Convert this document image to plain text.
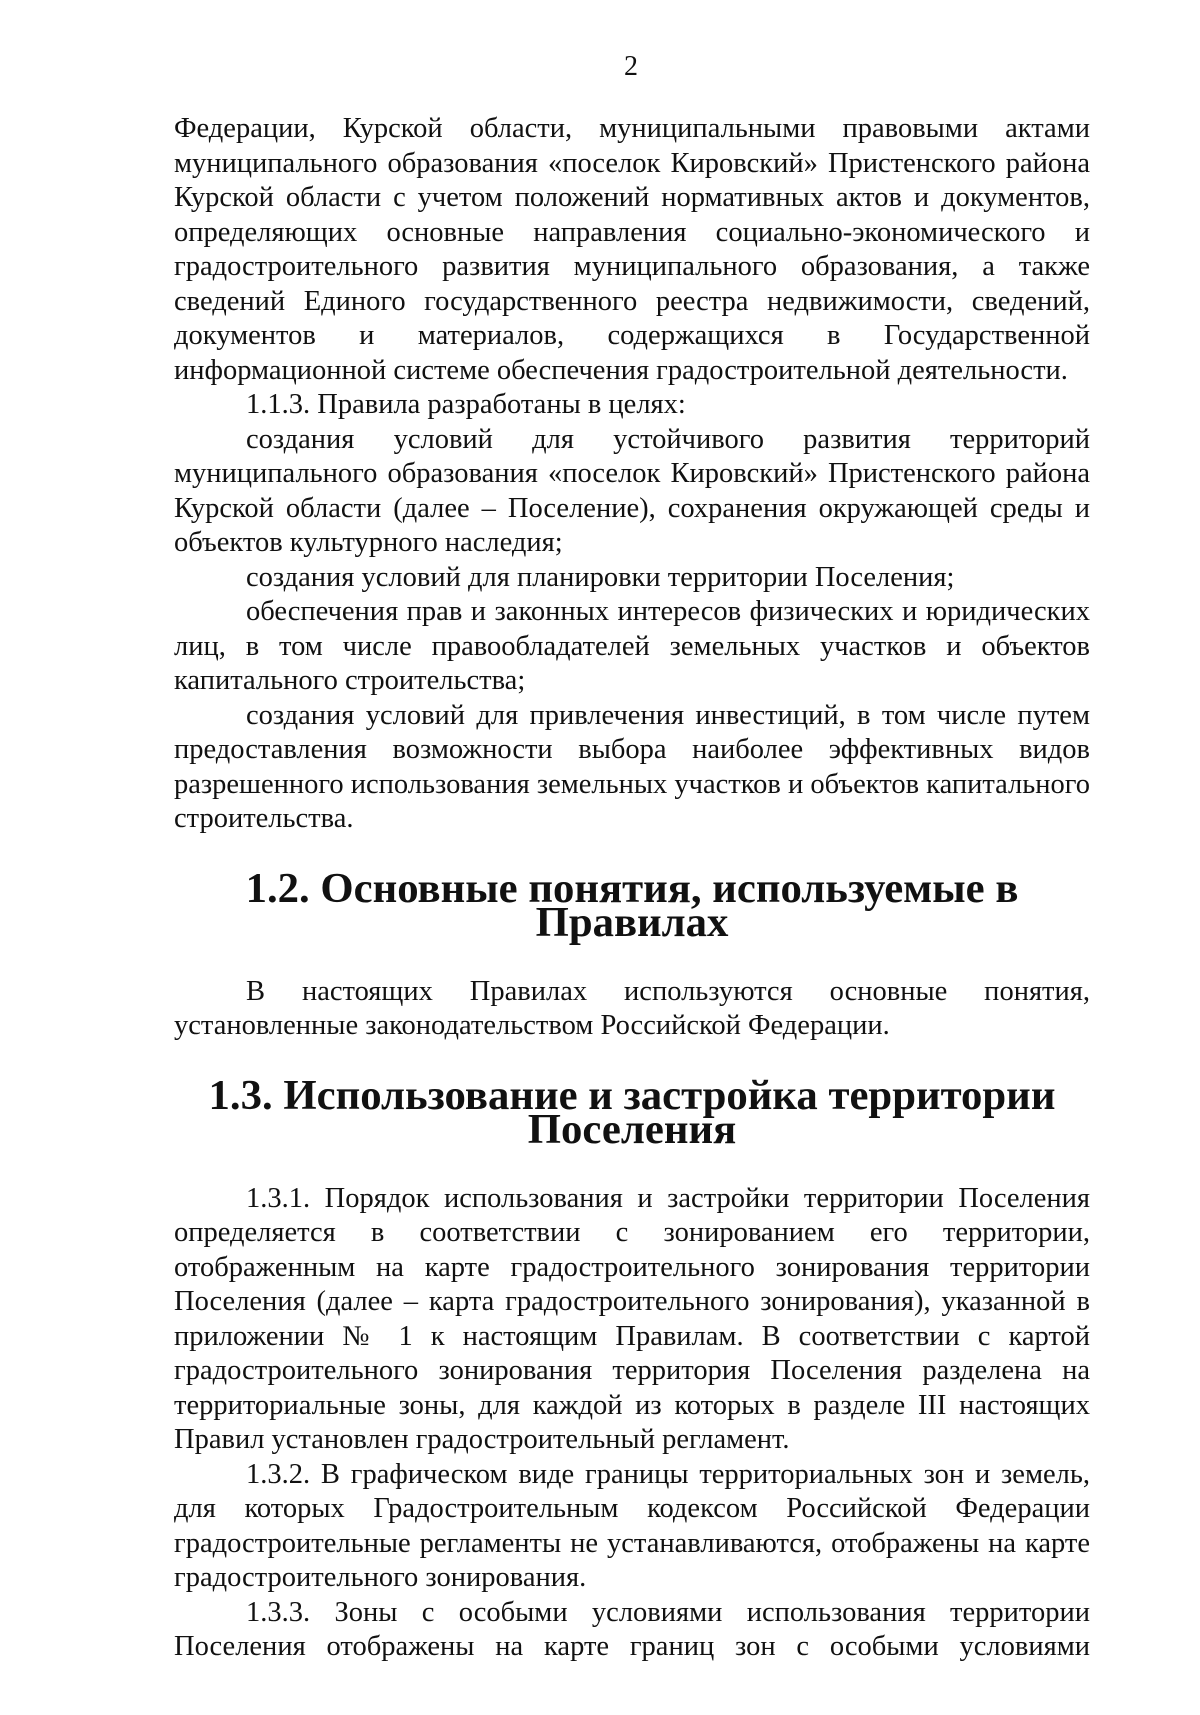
2

Федерации, Курской области, муниципальными правовыми актами муниципального образования «поселок Кировский» Пристенского района Курской области с учетом положений нормативных актов и документов, определяющих основные направления социально-экономического и градостроительного развития муниципального образования, а также сведений Единого государственного реестра недвижимости, сведений, документов и материалов, содержащихся в Государственной информационной системе обеспечения градостроительной деятельности.

1.1.3. Правила разработаны в целях:

создания условий для устойчивого развития территорий муниципального образования «поселок Кировский» Пристенского района Курской области (далее – Поселение), сохранения окружающей среды и объектов культурного наследия;

создания условий для планировки территории Поселения;

обеспечения прав и законных интересов физических и юридических лиц, в том числе правообладателей земельных участков и объектов капитального строительства;

создания условий для привлечения инвестиций, в том числе путем предоставления возможности выбора наиболее эффективных видов разрешенного использования земельных участков и объектов капитального строительства.

1.2. Основные понятия, используемые в Правилах

В настоящих Правилах используются основные понятия, установленные законодательством Российской Федерации.

1.3. Использование и застройка территории Поселения

1.3.1. Порядок использования и застройки территории Поселения определяется в соответствии с зонированием его территории, отображенным на карте градостроительного зонирования территории Поселения (далее – карта градостроительного зонирования), указанной в приложении № 1 к настоящим Правилам. В соответствии с картой градостроительного зонирования территория Поселения разделена на территориальные зоны, для каждой из которых в разделе III настоящих Правил установлен градостроительный регламент.

1.3.2. В графическом виде границы территориальных зон и земель, для которых Градостроительным кодексом Российской Федерации градостроительные регламенты не устанавливаются, отображены на карте градостроительного зонирования.

1.3.3. Зоны с особыми условиями использования территории Поселения отображены на карте границ зон с особыми условиями
